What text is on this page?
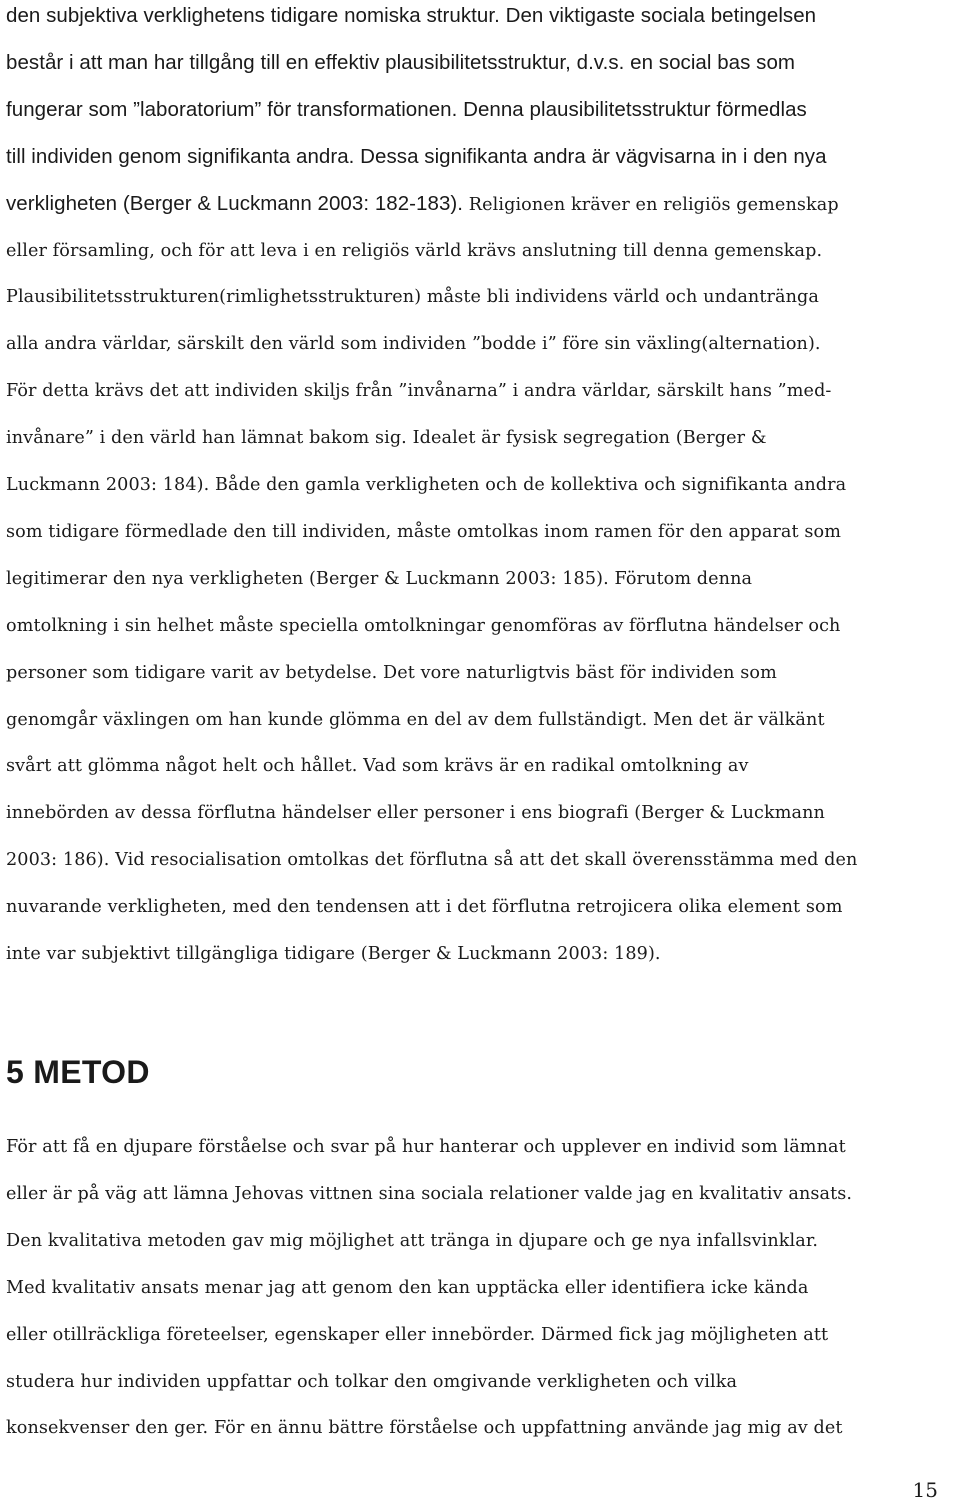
den subjektiva verklighetens tidigare nomiska struktur. Den viktigaste sociala betingelsen
består i att man har tillgång till en effektiv plausibilitetsstruktur, d.v.s. en social bas som
fungerar som ”laboratorium” för transformationen. Denna plausibilitetsstruktur förmedlas
till individen genom signifikanta andra. Dessa signifikanta andra är vägvisarna in i den nya
verkligheten (Berger & Luckmann 2003: 182-183). Religionen kräver en religiös gemenskap
eller församling, och för att leva i en religiös värld krävs anslutning till denna gemenskap.
Plausibilitetsstrukturen(rimlighetsstrukturen) måste bli individens värld och undantränga
alla andra världar, särskilt den värld som individen ”bodde i” före sin växling(alternation).
För detta krävs det att individen skiljs från ”invånarna” i andra världar, särskilt hans ”med-
invånare” i den värld han lämnat bakom sig. Idealet är fysisk segregation (Berger &
Luckmann 2003: 184). Både den gamla verkligheten och de kollektiva och signifikanta andra
som tidigare förmedlade den till individen, måste omtolkas inom ramen för den apparat som
legitimerar den nya verkligheten (Berger & Luckmann 2003: 185). Förutom denna
omtolkning i sin helhet måste speciella omtolkningar genomföras av förflutna händelser och
personer som tidigare varit av betydelse. Det vore naturligtvis bäst för individen som
genomgår växlingen om han kunde glömma en del av dem fullständigt. Men det är välkänt
svårt att glömma något helt och hållet. Vad som krävs är en radikal omtolkning av
innebörden av dessa förflutna händelser eller personer i ens biografi (Berger & Luckmann
2003: 186). Vid resocialisation omtolkas det förflutna så att det skall överensstämma med den
nuvarande verkligheten, med den tendensen att i det förflutna retrojicera olika element som
inte var subjektivt tillgängliga tidigare (Berger & Luckmann 2003: 189).
5 METOD
För att få en djupare förståelse och svar på hur hanterar och upplever en individ som lämnat
eller är på väg att lämna Jehovas vittnen sina sociala relationer valde jag en kvalitativ ansats.
Den kvalitativa metoden gav mig möjlighet att tränga in djupare och ge nya infallsvinklar.
Med kvalitativ ansats menar jag att genom den kan upptäcka eller identifiera icke kända
eller otillräckliga företeelser, egenskaper eller innebörder. Därmed fick jag möjligheten att
studera hur individen uppfattar och tolkar den omgivande verkligheten och vilka
konsekvenser den ger. För en ännu bättre förståelse och uppfattning använde jag mig av det
15
